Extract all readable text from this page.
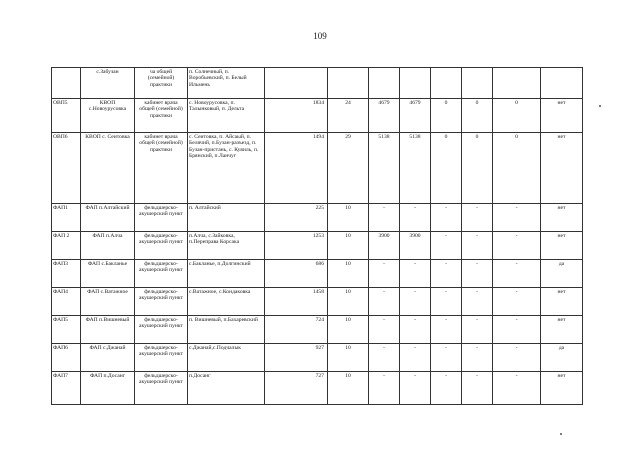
109
	с.Забузан	ча общей (семейной) практики	п. Солнечный, п. Воробьевский, п. Белый Ильмень								
ОВП5	КВОП с.Новоурусовка	кабинет врача общей (семейной) практики	с. Новоурусовка, п. Талынковый, п. Дельта	1834	24	4679	4679	0	0	0	нет
ОВП6	КВОП с. Сеитовка	кабинет врача общей (семейной) практики	с. Сеитовка, п. Айсаый, п. Белячий, п.Бузан-разъезд, п. Бузан-пристань, с. Куяиль, п. Брянский, п.Ланчуг	1494	29	5138	5138	0	0	0	нет
ФАП1	ФАП п.Алтайский	фельдшерско-акушерский пункт	п. Алтайский	225	10	-	-	-	-	-	нет
ФАП 2	ФАП п.Алча	фельдшерско-акушерский пункт	п.Алча, с.Зайковка, п.Переправа Корсака	1253	10	3900	3900	-	-	-	нет
ФАП3	ФАП с.Бакланье	фельдшерско-акушерский пункт	с.Бакланье, п.Долгинский	686	10	-	-	-	-	-	да
ФАП4	ФАП с.Ватажное	фельдшерско-акушерский пункт	с.Ватажное, с.Кондаковка	1458	10	-	-	-	-	-	нет
ФАП5	ФАП п.Вишневый	фельдшерско-акушерский пункт	п. Вишневый, п.Бахаревский	724	10	-	-	-	-	-	нет
ФАП6	ФАП с.Джанай	фельдшерско-акушерский пункт	с.Джанай,с.Подчалык	927	10	-	-	-	-	-	да
ФАП7	ФАП п.Досанг	фельдшерско-акушерский пункт	п.Досанг	727	10	-	-	-	-	-	нет
